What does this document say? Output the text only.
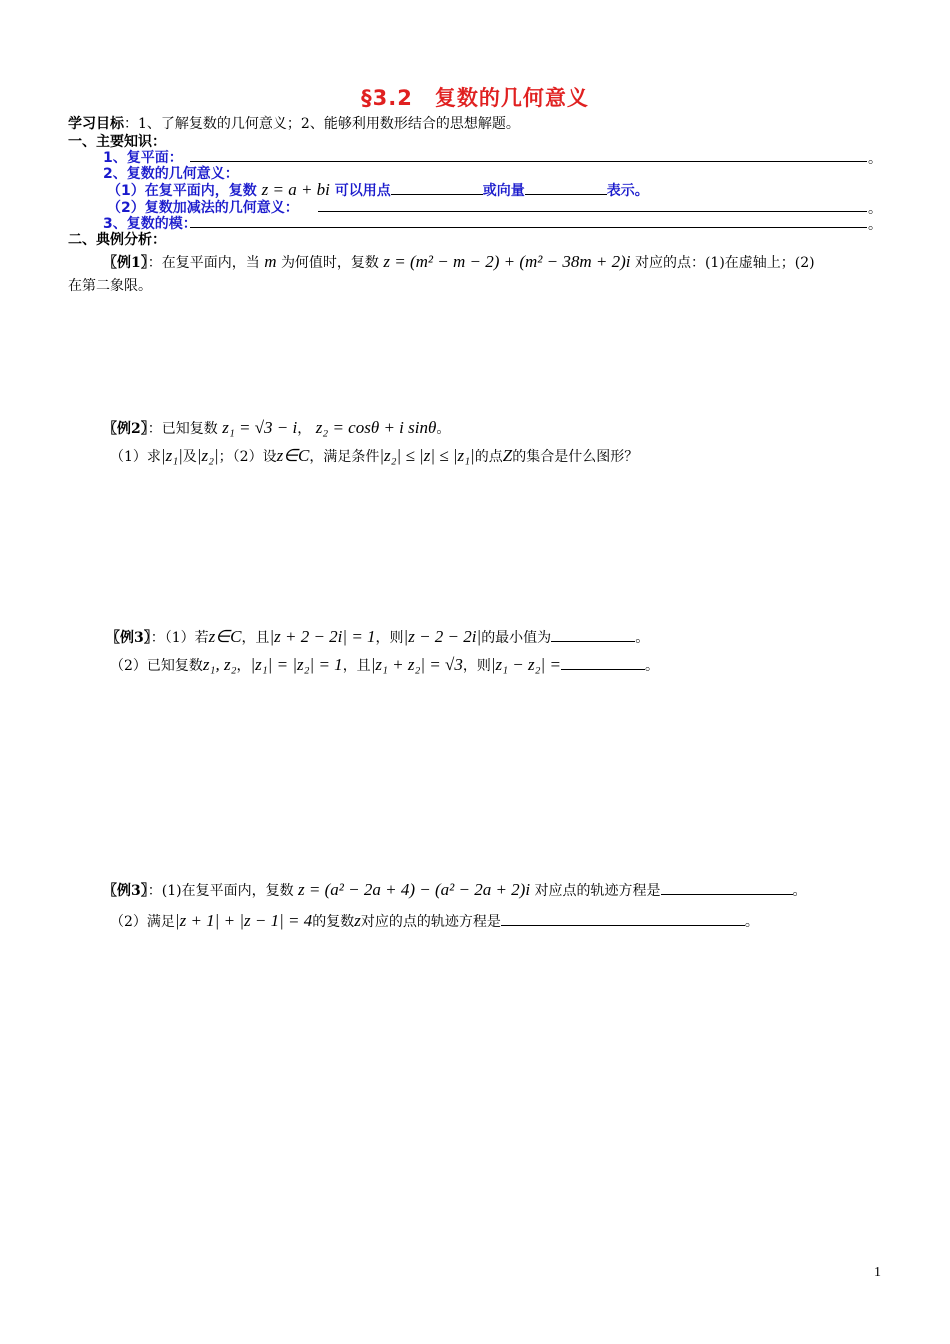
§3.2　复数的几何意义
学习目标：1、了解复数的几何意义；2、能够利用数形结合的思想解题。
一、主要知识：
1、复平面：	。
2、复数的几何意义：
（1）在复平面内，复数 z = a + bi 可以用点	或向量	表示。
（2）复数加减法的几何意义：	。
3、复数的模：	。
二、典例分析：
〖例1〗：在复平面内，当 m 为何值时，复数 z = (m² − m − 2) + (m² − 38m + 2)i 对应的点：(1)在虚轴上；(2)
在第二象限。
〖例2〗：已知复数 z₁ = √3 − i， z₂ = cosθ + i sinθ。
（1）求|z₁|及|z₂|；（2）设z∈C，满足条件|z₂| ≤ |z| ≤ |z₁|的点Z的集合是什么图形？
〖例3〗：（1）若z∈C，且|z + 2 − 2i| = 1，则|z − 2 − 2i|的最小值为	。
（2）已知复数z₁, z₂，|z₁| = |z₂| = 1，且|z₁ + z₂| = √3，则|z₁ − z₂| =	。
〖例3〗：(1)在复平面内，复数 z = (a² − 2a + 4) − (a² − 2a + 2)i 对应点的轨迹方程是	。
（2）满足|z + 1| + |z − 1| = 4的复数z对应的点的轨迹方程是	。
1
